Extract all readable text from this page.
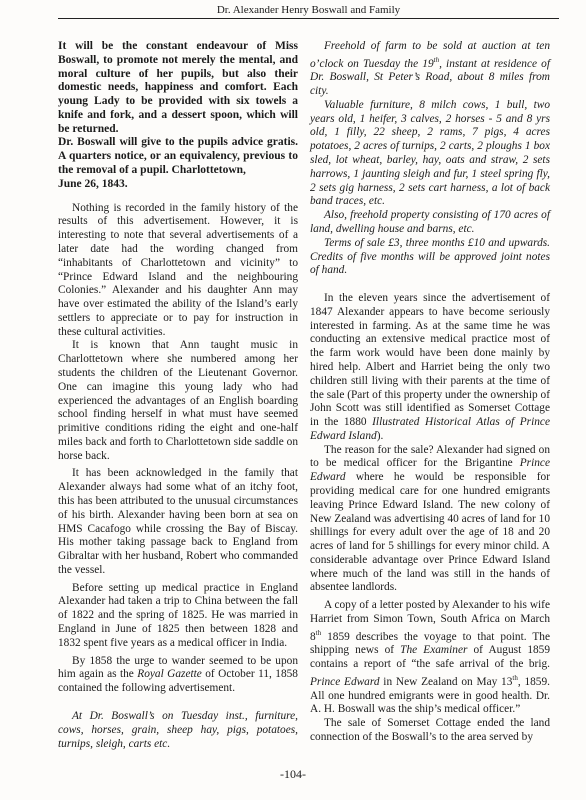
Dr. Alexander Henry Boswall and Family

It will be the constant endeavour of Miss Boswall, to promote not merely the mental, and moral culture of her pupils, but also their domestic needs, happiness and comfort. Each young Lady to be provided with six towels a knife and fork, and a dessert spoon, which will be returned.

Dr. Boswall will give to the pupils advice gratis. A quarters notice, or an equivalency, previous to the removal of a pupil. Charlottetown,

June 26, 1843.

Nothing is recorded in the family history of the results of this advertisement. However, it is interesting to note that several advertisements of a later date had the wording changed from “inhabitants of Charlottetown and vicinity” to “Prince Edward Island and the neighbouring Colonies.” Alexander and his daughter Ann may have over estimated the ability of the Island’s early settlers to appreciate or to pay for instruction in these cultural activities.

It is known that Ann taught music in Charlottetown where she numbered among her students the children of the Lieutenant Governor. One can imagine this young lady who had experienced the advantages of an English boarding school finding herself in what must have seemed primitive conditions riding the eight and one-half miles back and forth to Charlottetown side saddle on horse back.

It has been acknowledged in the family that Alexander always had some what of an itchy foot, this has been attributed to the unusual circumstances of his birth. Alexander having been born at sea on HMS Cacafogo while crossing the Bay of Biscay. His mother taking passage back to England from Gibraltar with her husband, Robert who commanded the vessel.

Before setting up medical practice in England Alexander had taken a trip to China between the fall of 1822 and the spring of 1825. He was married in England in June of 1825 then between 1828 and 1832 spent five years as a medical officer in India.

By 1858 the urge to wander seemed to be upon him again as the Royal Gazette of October 11, 1858 contained the following advertisement.

At Dr. Boswall’s on Tuesday inst., furniture, cows, horses, grain, sheep hay, pigs, potatoes, turnips, sleigh, carts etc.

Freehold of farm to be sold at auction at ten o’clock on Tuesday the 19th, instant at residence of Dr. Boswall, St Peter’s Road, about 8 miles from city.

Valuable furniture, 8 milch cows, 1 bull, two years old, 1 heifer, 3 calves, 2 horses - 5 and 8 yrs old, 1 filly, 22 sheep, 2 rams, 7 pigs, 4 acres potatoes, 2 acres of turnips, 2 carts, 2 ploughs 1 box sled, lot wheat, barley, hay, oats and straw, 2 sets harrows, 1 jaunting sleigh and fur, 1 steel spring fly, 2 sets gig harness, 2 sets cart harness, a lot of back band traces, etc.

Also, freehold property consisting of 170 acres of land, dwelling house and barns, etc.

Terms of sale £3, three months £10 and upwards. Credits of five months will be approved joint notes of hand.

In the eleven years since the advertisement of 1847 Alexander appears to have become seriously interested in farming. As at the same time he was conducting an extensive medical practice most of the farm work would have been done mainly by hired help. Albert and Harriet being the only two children still living with their parents at the time of the sale (Part of this property under the ownership of John Scott was still identified as Somerset Cottage in the 1880 Illustrated Historical Atlas of Prince Edward Island).

The reason for the sale? Alexander had signed on to be medical officer for the Brigantine Prince Edward where he would be responsible for providing medical care for one hundred emigrants leaving Prince Edward Island. The new colony of New Zealand was advertising 40 acres of land for 10 shillings for every adult over the age of 18 and 20 acres of land for 5 shillings for every minor child. A considerable advantage over Prince Edward Island where much of the land was still in the hands of absentee landlords.

A copy of a letter posted by Alexander to his wife Harriet from Simon Town, South Africa on March 8th 1859 describes the voyage to that point. The shipping news of The Examiner of August 1859 contains a report of “the safe arrival of the brig. Prince Edward in New Zealand on May 13th, 1859. All one hundred emigrants were in good health. Dr. A. H. Boswall was the ship’s medical officer.”

The sale of Somerset Cottage ended the land connection of the Boswall’s to the area served by

-104-
